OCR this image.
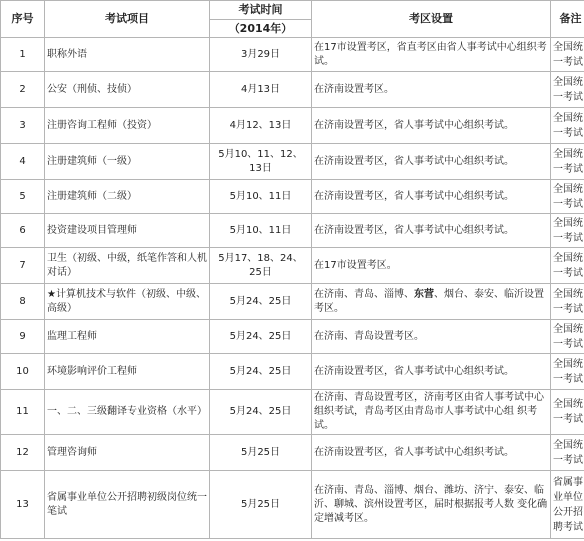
序号	考试项目	考试时间	考区设置	备注
		（2014年）		
1	职称外语	3月29日	在17市设置考区，省直考区由省人事考试中心组织考试。	全国统
一考试

2	公安（刑侦、技侦）	4月13日	在济南设置考区。	全国统
一考试

3	注册咨询工程师（投资）	4月12、13日	在济南设置考区，省人事考试中心组织考试。	全国统
一考试

4	注册建筑师（一级）	5月10、11、12、13日	在济南设置考区，省人事考试中心组织考试。	全国统
一考试

5	注册建筑师（二级）	5月10、11日	在济南设置考区，省人事考试中心组织考试。	全国统
一考试

6	投资建设项目管理师	5月10、11日	在济南设置考区，省人事考试中心组织考试。	全国统
一考试

7	卫生（初级、中级，纸笔作答和人机对话）	5月17、18、24、25日	在17市设置考区。	全国统
一考试

8	★计算机技术与软件（初级、中级、高级）	5月24、25日	在济南、青岛、淄博、东营、烟台、泰安、临沂设置考区。	全国统
一考试

9	监理工程师	5月24、25日	在济南、青岛设置考区。	全国统
一考试

10	环境影响评价工程师	5月24、25日	在济南设置考区，省人事考试中心组织考试。	全国统
一考试

11	一、二、三级翻译专业资格（水平）	5月24、25日	在济南、青岛设置考区，济南考区由省人事考试中心组织考试，青岛考区由青岛市人事考试中心组 织考试。	全国统
一考试

12	管理咨询师	5月25日	在济南设置考区，省人事考试中心组织考试。	全国统
一考试

13	省属事业单位公开招聘初级岗位统一笔试	5月25日	在济南、青岛、淄博、烟台、潍坊、济宁、泰安、临沂、聊城、滨州设置考区，届时根据报考人数 变化确定增减考区。	省属事
业单位
公开招
聘考试
